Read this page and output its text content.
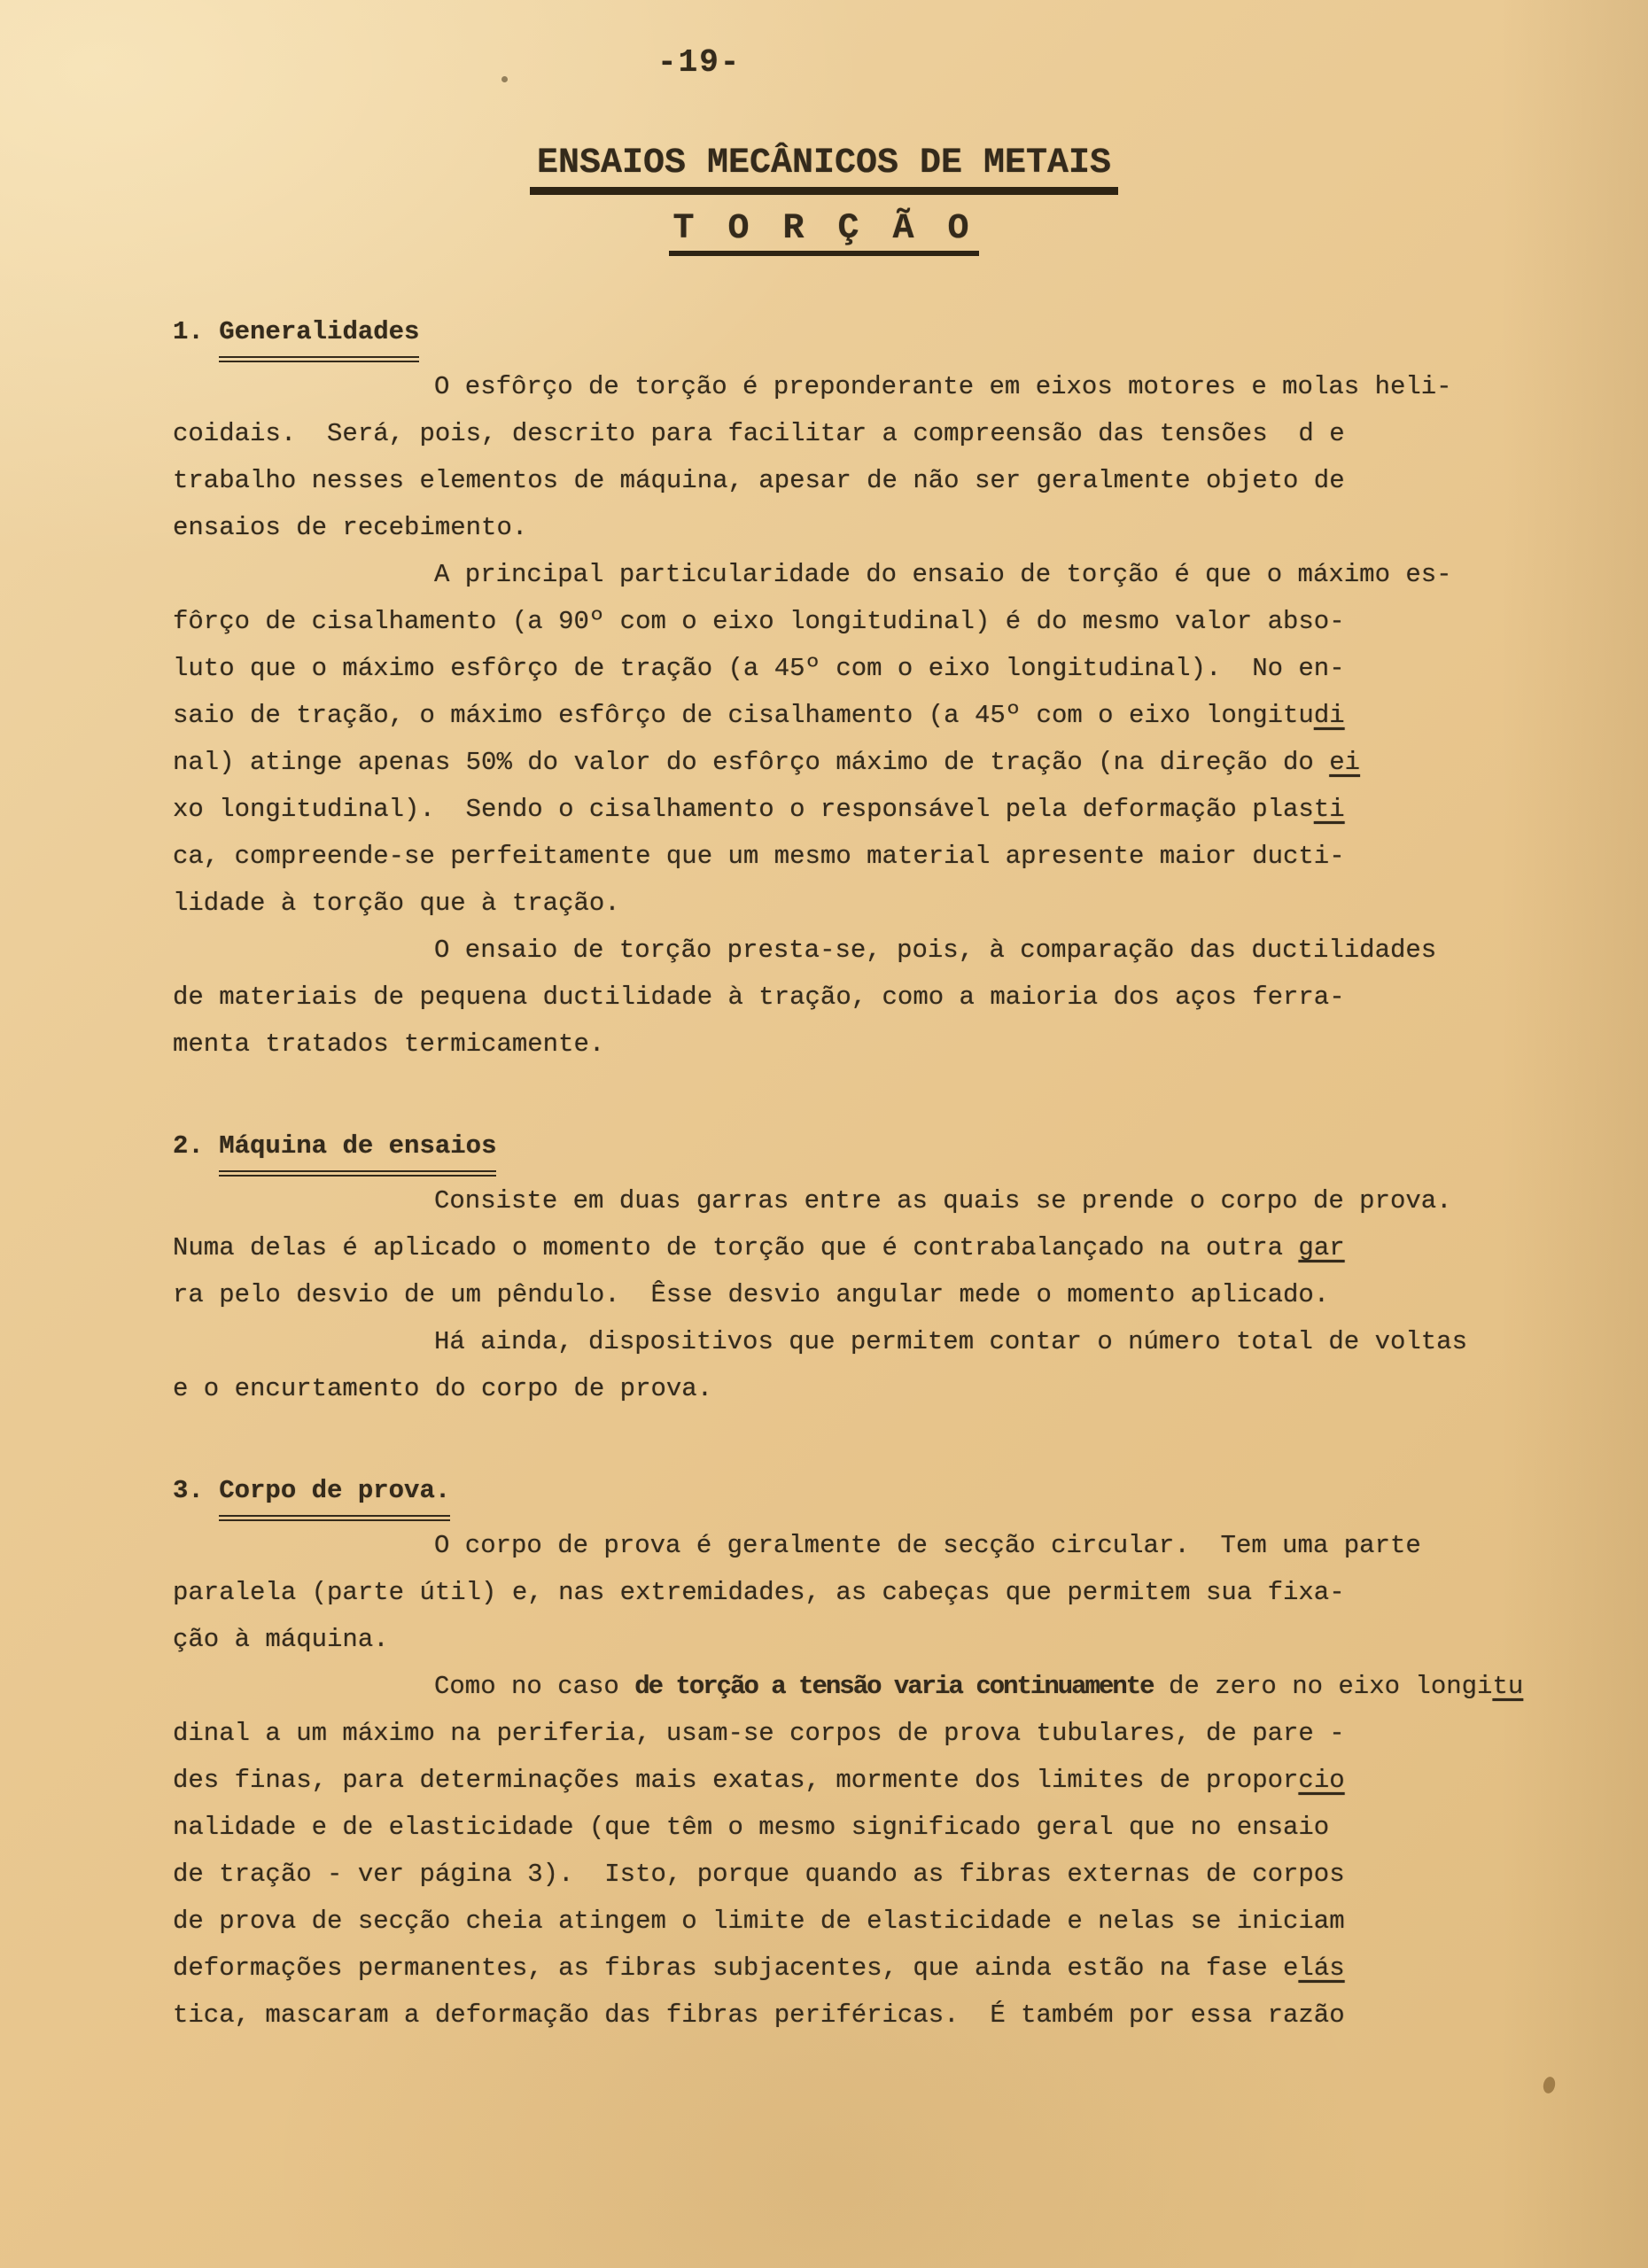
-19-
ENSAIOS MECÂNICOS DE METAIS
T O R Ç Ã O
1. Generalidades
O esfôrço de torção é preponderante em eixos motores e molas heli-
coidais.  Será, pois, descrito para facilitar a compreensão das tensões  d e
trabalho nesses elementos de máquina, apesar de não ser geralmente objeto de
ensaios de recebimento.
A principal particularidade do ensaio de torção é que o máximo es-
fôrço de cisalhamento (a 90º com o eixo longitudinal) é do mesmo valor abso-
luto que o máximo esfôrço de tração (a 45º com o eixo longitudinal).  No en-
saio de tração, o máximo esfôrço de cisalhamento (a 45º com o eixo longitudi
nal) atinge apenas 50% do valor do esfôrço máximo de tração (na direção do ei
xo longitudinal).  Sendo o cisalhamento o responsável pela deformação plasti
ca, compreende-se perfeitamente que um mesmo material apresente maior ducti-
lidade à torção que à tração.
O ensaio de torção presta-se, pois, à comparação das ductilidades
de materiais de pequena ductilidade à tração, como a maioria dos aços ferra-
menta tratados termicamente.
2. Máquina de ensaios
Consiste em duas garras entre as quais se prende o corpo de prova.
Numa delas é aplicado o momento de torção que é contrabalançado na outra gar
ra pelo desvio de um pêndulo.  Êsse desvio angular mede o momento aplicado.
Há ainda, dispositivos que permitem contar o número total de voltas
e o encurtamento do corpo de prova.
3. Corpo de prova.
O corpo de prova é geralmente de secção circular.  Tem uma parte
paralela (parte útil) e, nas extremidades, as cabeças que permitem sua fixa-
ção à máquina.
Como no caso de torção a tensão varia continuamente de zero no eixo longitu
dinal a um máximo na periferia, usam-se corpos de prova tubulares, de pare -
des finas, para determinações mais exatas, mormente dos limites de proporcio
nalidade e de elasticidade (que têm o mesmo significado geral que no ensaio
de tração - ver página 3).  Isto, porque quando as fibras externas de corpos
de prova de secção cheia atingem o limite de elasticidade e nelas se iniciam
deformações permanentes, as fibras subjacentes, que ainda estão na fase elás
tica, mascaram a deformação das fibras periféricas.  É também por essa razão
